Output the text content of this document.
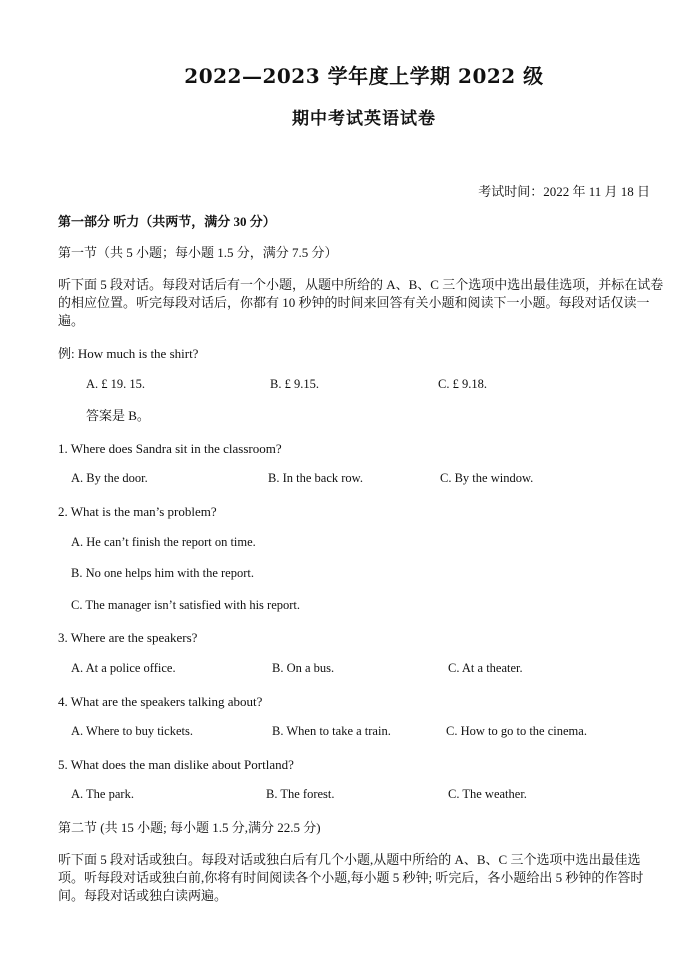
2022—2023 学年度上学期 2022 级
期中考试英语试卷
考试时间：2022 年 11 月 18 日
第一部分 听力（共两节，满分 30 分）
第一节（共 5 小题；每小题 1.5 分，满分 7.5 分）
听下面 5 段对话。每段对话后有一个小题，从题中所给的 A、B、C 三个选项中选出最佳选项，并标在试卷的相应位置。听完每段对话后，你都有 10 秒钟的时间来回答有关小题和阅读下一小题。每段对话仅读一遍。
例: How much is the shirt?
A. £ 19. 15.	B. £ 9.15.	C. £ 9.18.
答案是 B。
1. Where does Sandra sit in the classroom?
A. By the door.	B. In the back row.	C. By the window.
2. What is the man’s problem?
A. He can’t finish the report on time.
B. No one helps him with the report.
C. The manager isn’t satisfied with his report.
3. Where are the speakers?
A. At a police office.	B. On a bus.	C. At a theater.
4. What are the speakers talking about?
A. Where to buy tickets.	B. When to take a train.	C. How to go to the cinema.
5. What does the man dislike about Portland?
A. The park.	B. The forest.	C. The weather.
第二节 (共 15 小题; 每小题 1.5 分,满分 22.5 分)
听下面 5 段对话或独白。每段对话或独白后有几个小题,从题中所给的 A、B、C 三个选项中选出最佳选项。听每段对话或独白前,你将有时间阅读各个小题,每小题 5 秒钟; 听完后，各小题给出 5 秒钟的作答时间。每段对话或独白读两遍。
